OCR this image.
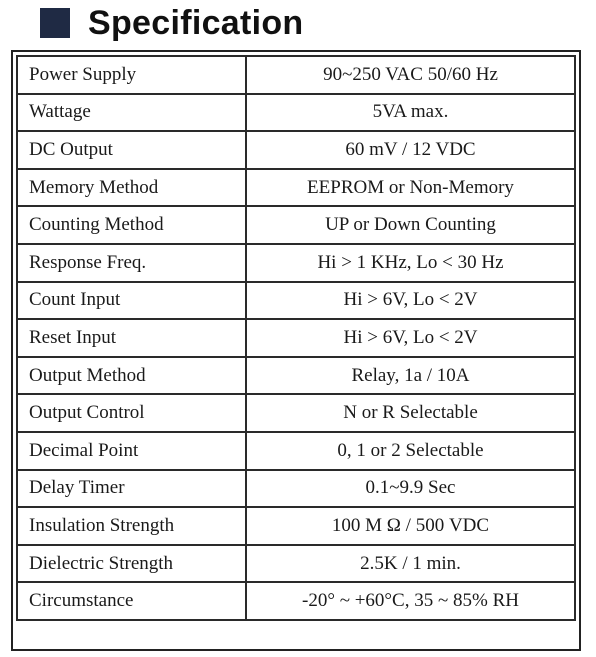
Specification
Power Supply	90~250 VAC 50/60 Hz
Wattage	5VA max.
DC Output	60 mV / 12 VDC
Memory Method	EEPROM or Non-Memory
Counting Method	UP or Down Counting
Response Freq.	Hi > 1 KHz, Lo < 30 Hz
Count Input	Hi > 6V, Lo < 2V
Reset Input	Hi > 6V, Lo < 2V
Output Method	Relay, 1a / 10A
Output Control	N or R Selectable
Decimal Point	0, 1 or 2 Selectable
Delay Timer	0.1~9.9 Sec
Insulation Strength	100 M Ω / 500 VDC
Dielectric Strength	2.5K / 1 min.
Circumstance	-20° ~ +60°C, 35 ~ 85% RH
